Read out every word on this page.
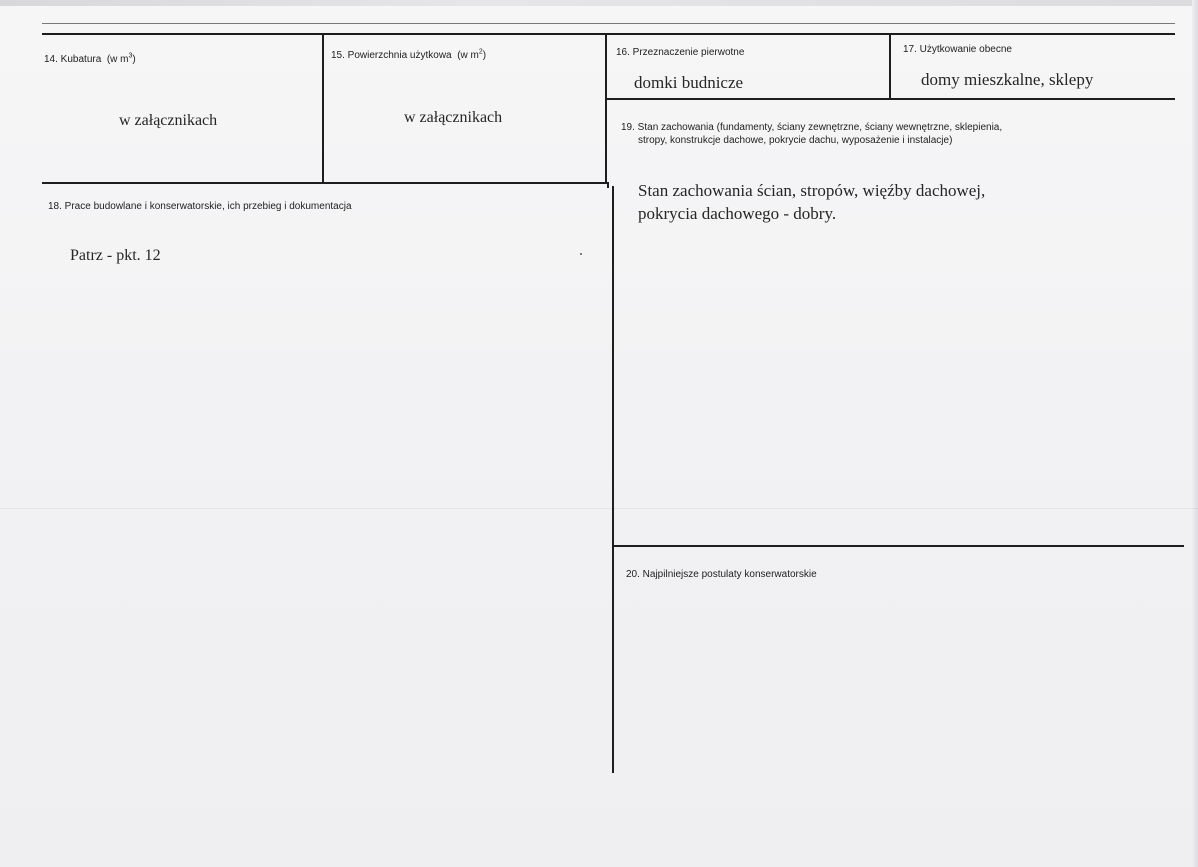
14. Kubatura (w $m^3$)
w załącznikach
15. Powierzchnia użytkowa (w $m^2$)
w załącznikach
16. Przeznaczenie pierwotne
domki budnicze
17. Użytkowanie obecne
domy mieszkalne, sklepy
19. Stan zachowania (fundamenty, ściany zewnętrzne, ściany wewnętrzne, sklepienia,
stropy, konstrukcje dachowe, pokrycie dachu, wyposażenie i instalacje)
Stan zachowania ścian, stropów, więźby dachowej,
pokrycia dachowego - dobry.
18. Prace budowlane i konserwatorskie, ich przebieg i dokumentacja
Patrz - pkt. 12
20. Najpilniejsze postulaty konserwatorskie
